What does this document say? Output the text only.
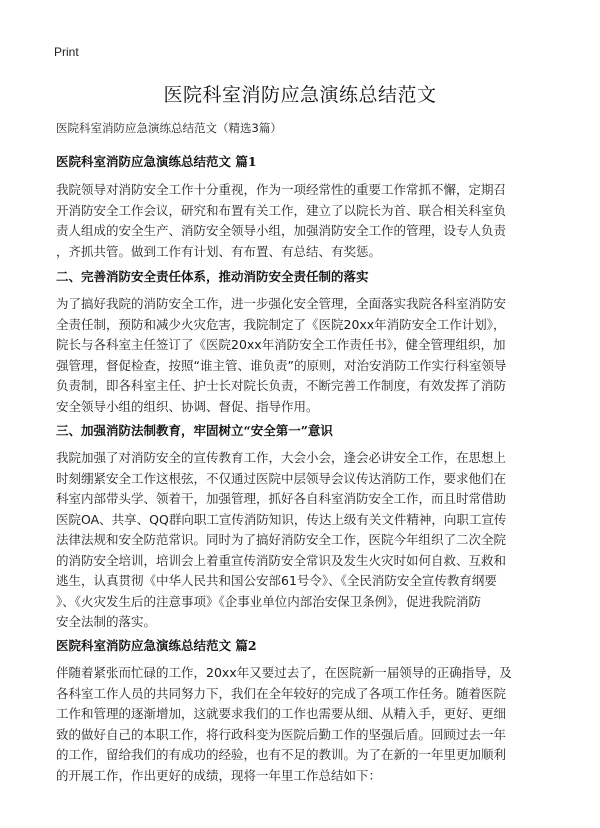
Print
医院科室消防应急演练总结范文
医院科室消防应急演练总结范文（精选3篇）
医院科室消防应急演练总结范文 篇1
我院领导对消防安全工作十分重视，作为一项经常性的重要工作常抓不懈，定期召
开消防安全工作会议，研究和布置有关工作，建立了以院长为首、联合相关科室负
责人组成的安全生产、消防安全领导小组，加强消防安全工作的管理，设专人负责
，齐抓共管。做到工作有计划、有布置、有总结、有奖惩。
二、完善消防安全责任体系，推动消防安全责任制的落实
为了搞好我院的消防安全工作，进一步强化安全管理，全面落实我院各科室消防安
全责任制，预防和减少火灾危害，我院制定了《医院20xx年消防安全工作计划》，
院长与各科室主任签订了《医院20xx年消防安全工作责任书》，健全管理组织，加
强管理，督促检查，按照“谁主管、谁负责”的原则，对治安消防工作实行科室领导
负责制，即各科室主任、护士长对院长负责，不断完善工作制度，有效发挥了消防
安全领导小组的组织、协调、督促、指导作用。
三、加强消防法制教育，牢固树立“安全第一”意识
我院加强了对消防安全的宣传教育工作，大会小会，逢会必讲安全工作，在思想上
时刻绷紧安全工作这根弦，不仅通过医院中层领导会议传达消防工作，要求他们在
科室内部带头学、领着干，加强管理，抓好各自科室消防安全工作，而且时常借助
医院OA、共享、QQ群向职工宣传消防知识，传达上级有关文件精神，向职工宣传
法律法规和安全防范常识。同时为了搞好消防安全工作，医院今年组织了二次全院
的消防安全培训，培训会上着重宣传消防安全常识及发生火灾时如何自救、互救和
逃生，认真贯彻《中华人民共和国公安部61号令》、《全民消防安全宣传教育纲要
》、《火灾发生后的注意事项》《企事业单位内部治安保卫条例》，促进我院消防
安全法制的落实。
医院科室消防应急演练总结范文 篇2
伴随着紧张而忙碌的工作，20xx年又要过去了，在医院新一届领导的正确指导，及
各科室工作人员的共同努力下，我们在全年较好的完成了各项工作任务。随着医院
工作和管理的逐渐增加，这就要求我们的工作也需要从细、从精入手，更好、更细
致的做好自己的本职工作，将行政科变为医院后勤工作的坚强后盾。回顾过去一年
的工作，留给我们的有成功的经验，也有不足的教训。为了在新的一年里更加顺利
的开展工作，作出更好的成绩，现将一年里工作总结如下：
